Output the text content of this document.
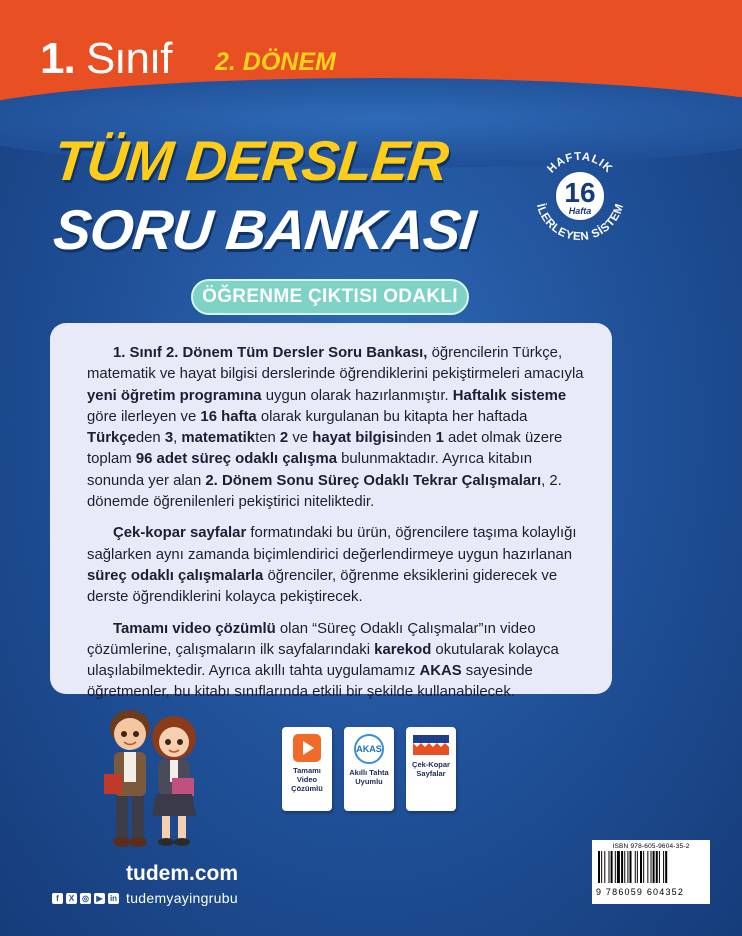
1. Sınıf 2. DÖNEM
TÜM DERSLER
SORU BANKASI
HAFTALIK
İLERLEYEN SİSTEM
16
Hafta
ÖĞRENME ÇIKTISI ODAKLI

1. Sınıf 2. Dönem Tüm Dersler Soru Bankası, öğrencilerin Türkçe, matematik ve hayat bilgisi derslerinde öğrendiklerini pekiştirmeleri amacıyla yeni öğretim programına uygun olarak hazırlanmıştır. Haftalık sisteme göre ilerleyen ve 16 hafta olarak kurgulanan bu kitapta her haftada Türkçeden 3, matematikten 2 ve hayat bilgisinden 1 adet olmak üzere toplam 96 adet süreç odaklı çalışma bulunmaktadır. Ayrıca kitabın sonunda yer alan 2. Dönem Sonu Süreç Odaklı Tekrar Çalışmaları, 2. dönemde öğrenilenleri pekiştirici niteliktedir.

Çek-kopar sayfalar formatındaki bu ürün, öğrencilere taşıma kolaylığı sağlarken aynı zamanda biçimlendirici değerlendirmeye uygun hazırlanan süreç odaklı çalışmalarla öğrenciler, öğrenme eksiklerini giderecek ve derste öğrendiklerini kolayca pekiştirecek.

Tamamı video çözümlü olan “Süreç Odaklı Çalışmalar”ın video çözümlerine, çalışmaların ilk sayfalarındaki karekod okutularak kolayca ulaşılabilmektedir. Ayrıca akıllı tahta uygulamamız AKAS sayesinde öğretmenler, bu kitabı sınıflarında etkili bir şekilde kullanabilecek.

Tamamı Video Çözümlü
AKAS
Akıllı Tahta Uyumlu
Çek-Kopar Sayfalar
tudem.com
f	X ◎ ▶ in tudemyayingrubu
ISBN 978-605-9604-35-2
9 786059 604352
